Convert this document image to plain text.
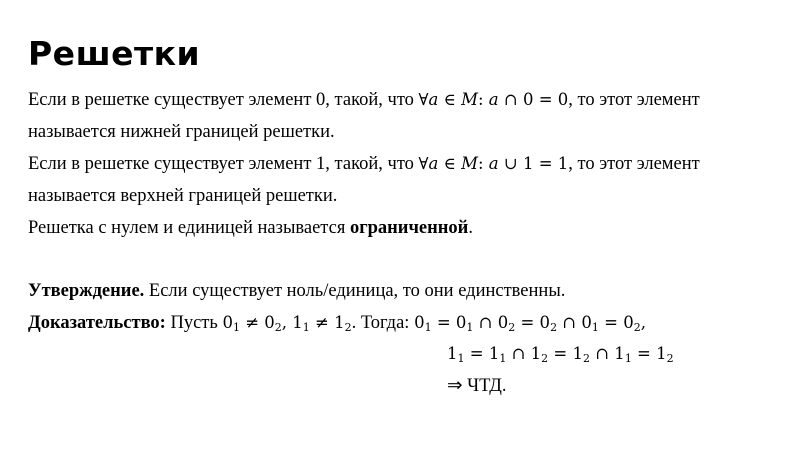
Решетки
Если в решетке существует элемент 0, такой, что ∀a ∈ M: a ∩ 0 = 0, то этот элемент
называется нижней границей решетки.
Если в решетке существует элемент 1, такой, что ∀a ∈ M: a ∪ 1 = 1, то этот элемент
называется верхней границей решетки.
Решетка с нулем и единицей называется ограниченной.
Утверждение. Если существует ноль/единица, то они единственны.
Доказательство: Пусть $0_1 \ne 0_2$, $1_1 \ne 1_2$. Тогда: $0_1 = 0_1$ ∩ $0_2 = 0_2$ ∩ $0_1 = 0_2$,
$1_1 = 1_1$ ∩ $1_2 = 1_2$ ∩ $1_1 = 1_2$
⇒ ЧТД.
